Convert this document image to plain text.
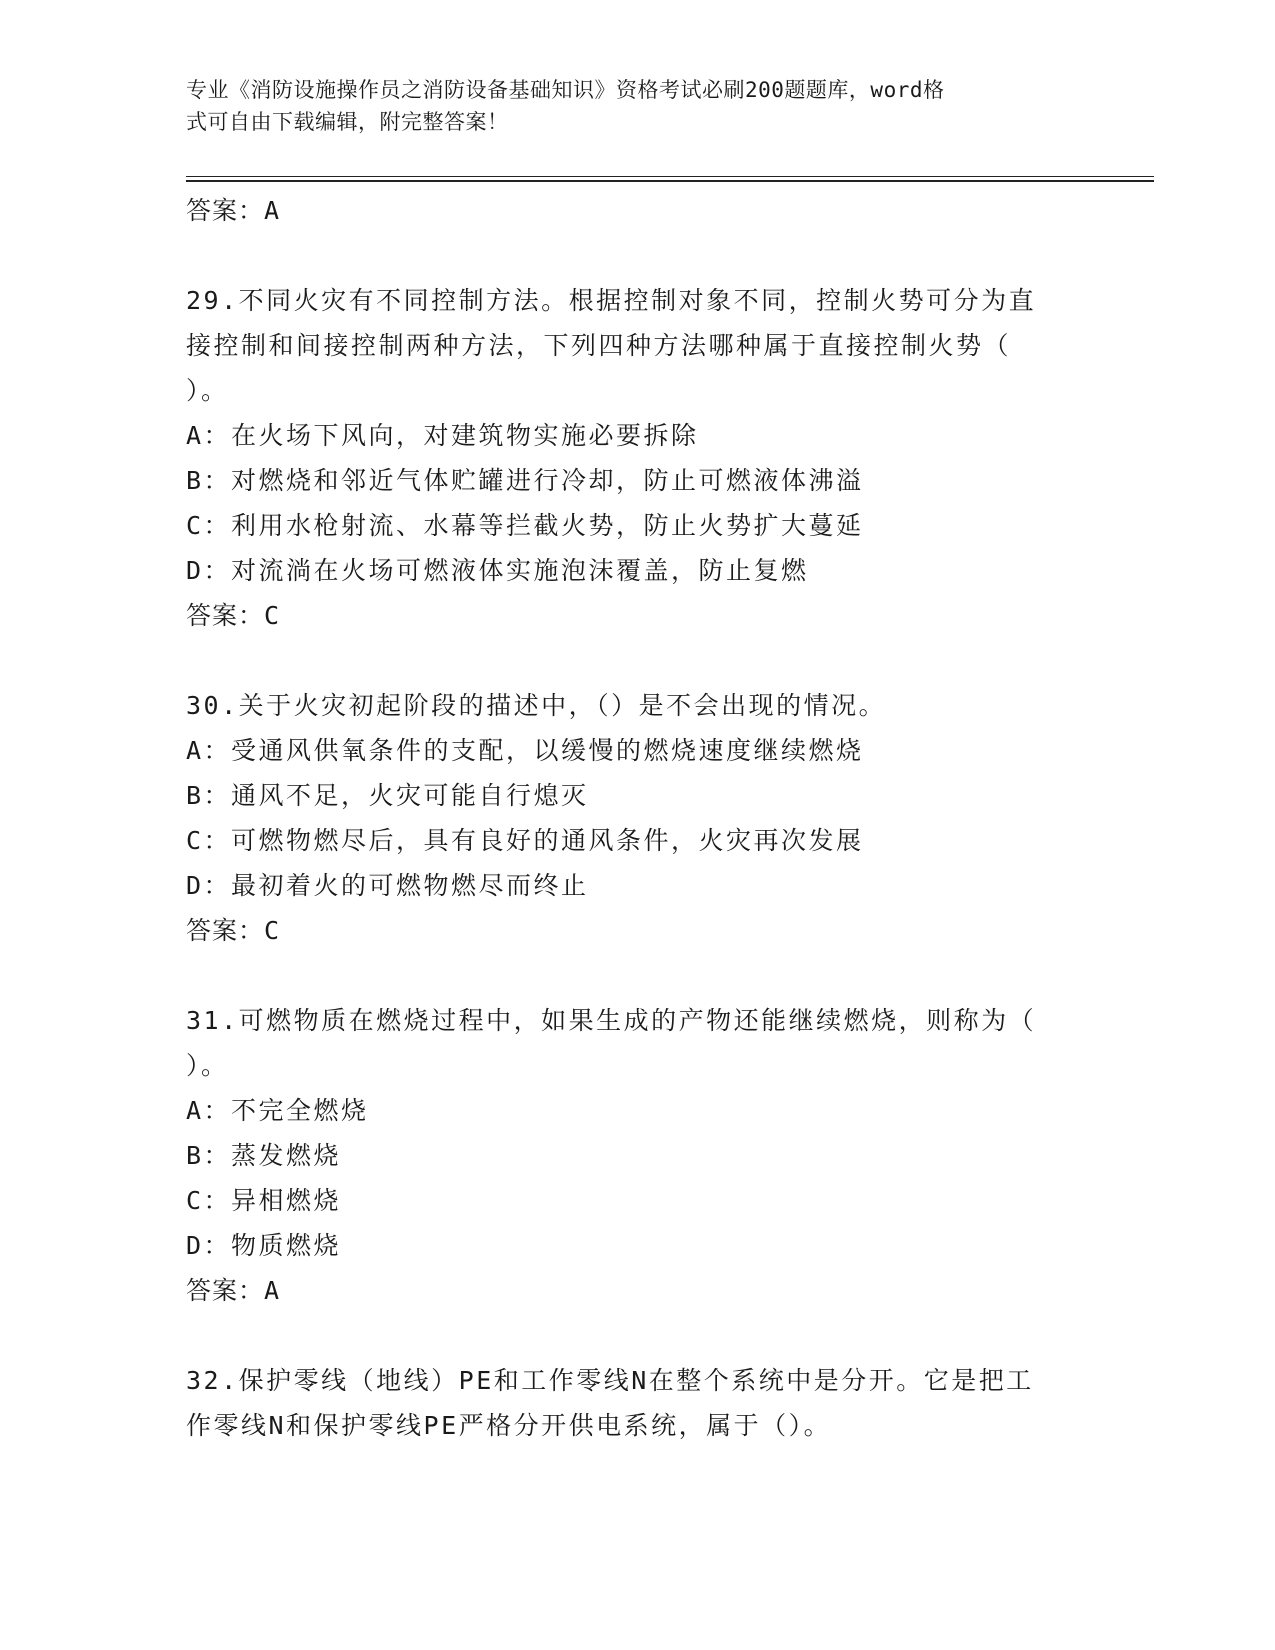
专业《消防设施操作员之消防设备基础知识》资格考试必刷200题题库，word格
式可自由下载编辑，附完整答案！
答案：A
29.不同火灾有不同控制方法。根据控制对象不同，控制火势可分为直
接控制和间接控制两种方法，下列四种方法哪种属于直接控制火势（
）。
A：在火场下风向，对建筑物实施必要拆除
B：对燃烧和邻近气体贮罐进行冷却，防止可燃液体沸溢
C：利用水枪射流、水幕等拦截火势，防止火势扩大蔓延
D：对流淌在火场可燃液体实施泡沫覆盖，防止复燃
答案：C
30.关于火灾初起阶段的描述中，（）是不会出现的情况。
A：受通风供氧条件的支配，以缓慢的燃烧速度继续燃烧
B：通风不足，火灾可能自行熄灭
C：可燃物燃尽后，具有良好的通风条件，火灾再次发展
D：最初着火的可燃物燃尽而终止
答案：C
31.可燃物质在燃烧过程中，如果生成的产物还能继续燃烧，则称为（
）。
A：不完全燃烧
B：蒸发燃烧
C：异相燃烧
D：物质燃烧
答案：A
32.保护零线（地线）PE和工作零线N在整个系统中是分开。它是把工
作零线N和保护零线PE严格分开供电系统，属于（）。
